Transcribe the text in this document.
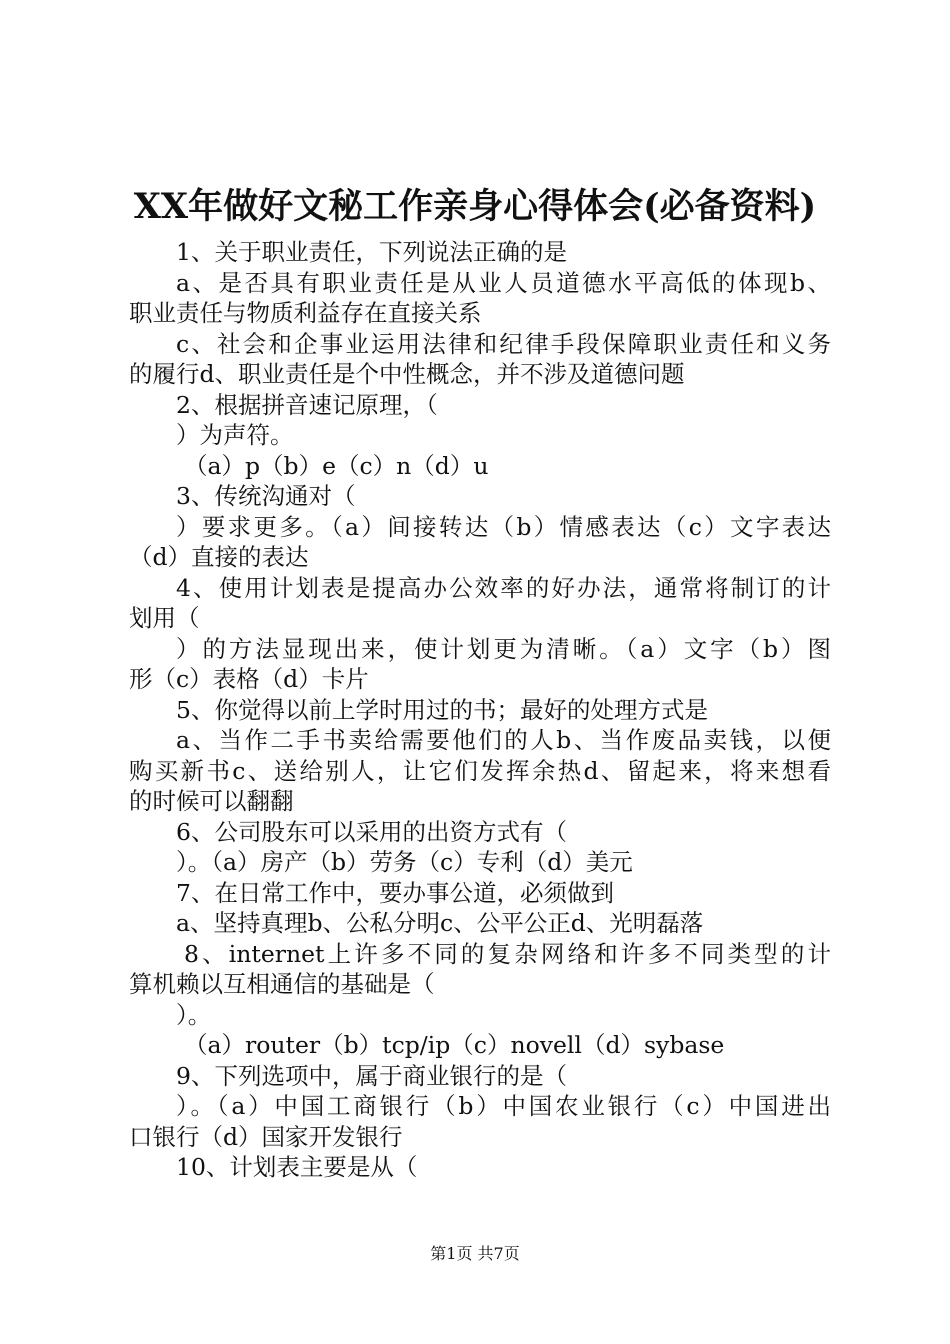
XX年做好文秘工作亲身心得体会(必备资料)
1、关于职业责任，下列说法正确的是
a、是否具有职业责任是从业人员道德水平高低的体现b、
职业责任与物质利益存在直接关系
c、社会和企事业运用法律和纪律手段保障职业责任和义务
的履行d、职业责任是个中性概念，并不涉及道德问题
2、根据拼音速记原理，（
）为声符。
（a）p（b）e（c）n（d）u
3、传统沟通对（
）要求更多。（a）间接转达（b）情感表达（c）文字表达
（d）直接的表达
4、使用计划表是提高办公效率的好办法，通常将制订的计
划用（
）的方法显现出来，使计划更为清晰。（a）文字（b）图
形（c）表格（d）卡片
5、你觉得以前上学时用过的书；最好的处理方式是
a、当作二手书卖给需要他们的人b、当作废品卖钱，以便
购买新书c、送给别人，让它们发挥余热d、留起来，将来想看
的时候可以翻翻
6、公司股东可以采用的出资方式有（
）。（a）房产（b）劳务（c）专利（d）美元
7、在日常工作中，要办事公道，必须做到
a、坚持真理b、公私分明c、公平公正d、光明磊落
8、internet上许多不同的复杂网络和许多不同类型的计
算机赖以互相通信的基础是（
）。
（a）router（b）tcp/ip（c）novell（d）sybase
9、下列选项中，属于商业银行的是（
）。（a）中国工商银行（b）中国农业银行（c）中国进出
口银行（d）国家开发银行
10、计划表主要是从（
第1页 共7页
